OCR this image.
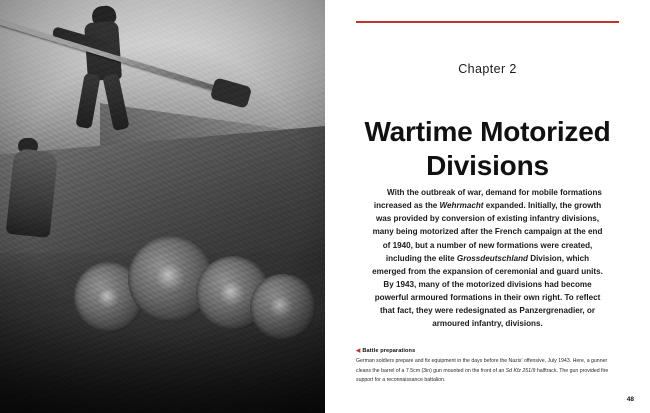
Chapter 2
Wartime Motorized
Divisions

With the outbreak of war, demand for mobile formations increased as the Wehrmacht expanded. Initially, the growth was provided by conversion of existing infantry divisions, many being motorized after the French campaign at the end of 1940, but a number of new formations were created, including the elite Grossdeutschland Division, which emerged from the expansion of ceremonial and guard units. By 1943, many of the motorized divisions had become powerful armoured formations in their own right. To reflect that fact, they were redesignated as Panzergrenadier, or armoured infantry, divisions.

◀ Battle preparations

German soldiers prepare and fix equipment in the days before the Nazis' offensive, July 1943. Here, a gunner cleans the barrel of a 7.5cm (3in) gun mounted on the front of an Sd Kfz 251/9 halftrack. The gun provided fire support for a reconnaissance battalion.

48
